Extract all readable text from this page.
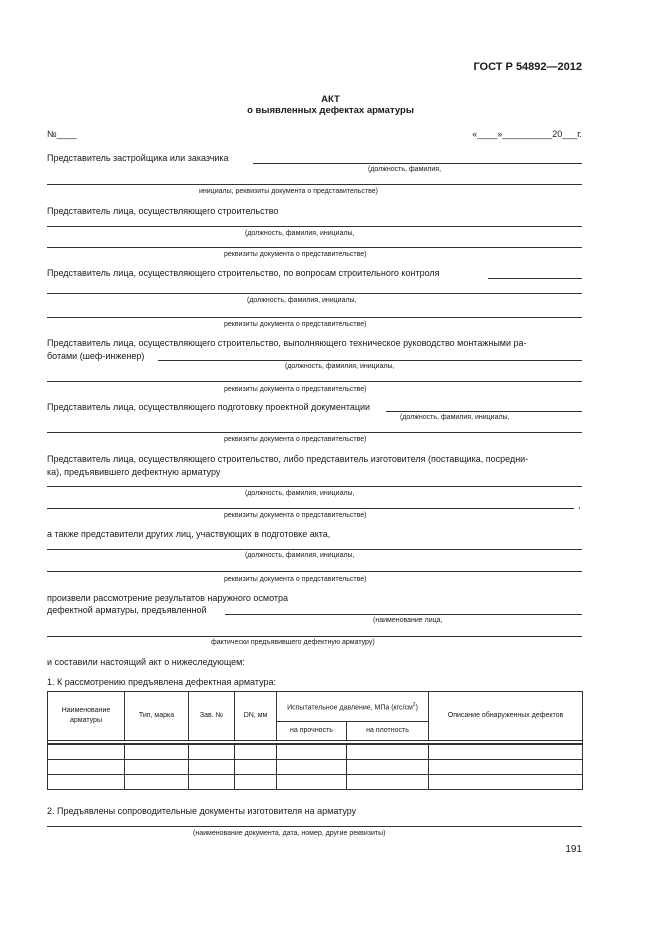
ГОСТ Р 54892—2012
АКТ
о выявленных дефектах арматуры
№____	«____»__________20___г.
Представитель застройщика или заказчика
(должность, фамилия,
инициалы, реквизиты документа о представительстве)
Представитель лица, осуществляющего строительство
(должность, фамилия, инициалы,
реквизиты документа о представительстве)
Представитель лица, осуществляющего строительство, по вопросам строительного контроля
(должность, фамилия, инициалы,
реквизиты документа о представительстве)
Представитель лица, осуществляющего строительство, выполняющего техническое руководство монтажными ра-
ботами (шеф-инженер)
(должность, фамилия, инициалы,
реквизиты документа о представительстве)
Представитель лица, осуществляющего подготовку проектной документации
(должность, фамилия, инициалы,
реквизиты документа о представительстве)
Представитель лица, осуществляющего строительство, либо представитель изготовителя (поставщика, посредни-
ка), предъявившего дефектную арматуру
(должность, фамилия, инициалы,
,
реквизиты документа о представительстве)
а также представители других лиц, участвующих в подготовке акта,
(должность, фамилия, инициалы,
реквизиты документа о представительстве)
произвели рассмотрение результатов наружного осмотра
дефектной арматуры, предъявленной
(наименование лица,
фактически предъявившего дефектную арматуру)
и составили настоящий акт о нижеследующем:
1. К рассмотрению предъявлена дефектная арматура:
Наименование арматуры	Тип, марка	Зав. №	DN, мм	Испытательное давление, МПа $(кгс/см^2)$		Описание обнаруженных дефектов
				на прочность	на плотность	

2. Предъявлены сопроводительные документы изготовителя на арматуру
(наименование документа, дата, номер, другие реквизиты)
191
